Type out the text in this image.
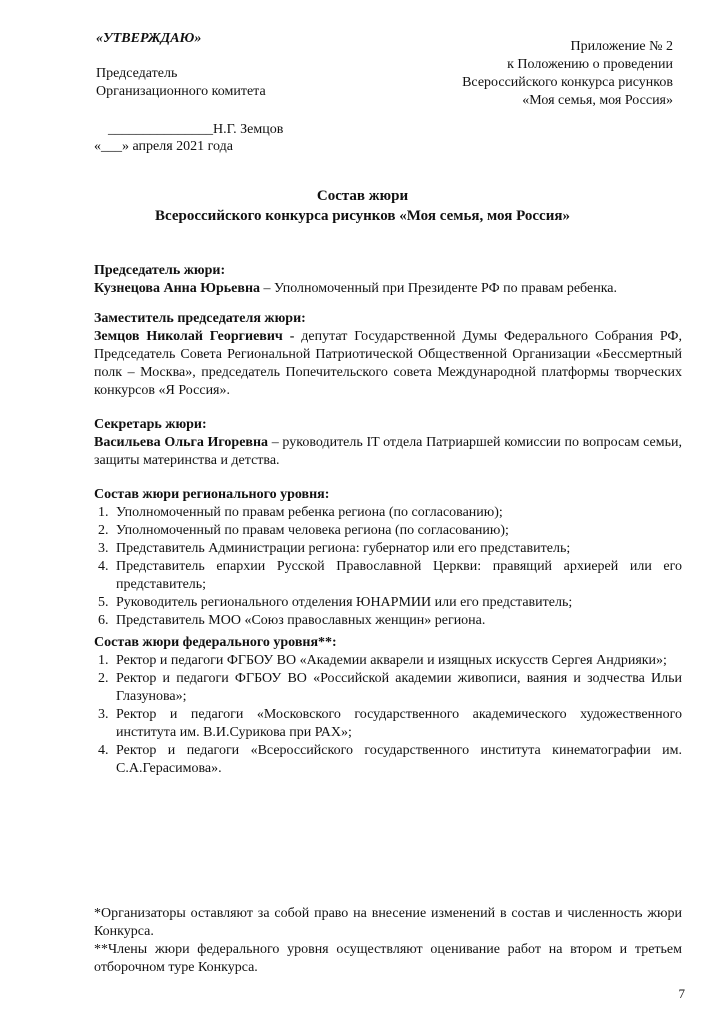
«УТВЕРЖДАЮ»
Председатель
Организационного комитета
_______________Н.Г. Земцов
«___» апреля 2021 года
Приложение № 2
к Положению о проведении
Всероссийского конкурса рисунков
«Моя семья, моя Россия»
Состав жюри
Всероссийского конкурса рисунков «Моя семья, моя Россия»

Председатель жюри:

Кузнецова Анна Юрьевна – Уполномоченный при Президенте РФ по правам ребенка.

Заместитель председателя жюри:

Земцов Николай Георгиевич - депутат Государственной Думы Федерального Собрания РФ, Председатель Совета Региональной Патриотической Общественной Организации «Бессмертный полк – Москва», председатель Попечительского совета Международной платформы творческих конкурсов «Я Россия».

Секретарь жюри:

Васильева Ольга Игоревна – руководитель IT отдела Патриаршей комиссии по вопросам семьи, защиты материнства и детства.

Состав жюри регионального уровня:

1. Уполномоченный по правам ребенка региона (по согласованию);
2. Уполномоченный по правам человека региона (по согласованию);
3. Представитель Администрации региона: губернатор или его представитель;
4. Представитель епархии Русской Православной Церкви: правящий архиерей или его представитель;
5. Руководитель регионального отделения ЮНАРМИИ или его представитель;
6. Представитель МОО «Союз православных женщин» региона.

Состав жюри федерального уровня**:

1. Ректор и педагоги ФГБОУ ВО «Академии акварели и изящных искусств Сергея Андрияки»;
2. Ректор и педагоги ФГБОУ ВО «Российской академии живописи, ваяния и зодчества Ильи Глазунова»;
3. Ректор и педагоги «Московского государственного академического художественного института им. В.И.Сурикова при РАХ»;
4. Ректор и педагоги «Всероссийского государственного института кинематографии им. С.А.Герасимова».

*Организаторы оставляют за собой право на внесение изменений в состав и численность жюри Конкурса.

**Члены жюри федерального уровня осуществляют оценивание работ на втором и третьем отборочном туре Конкурса.

7
